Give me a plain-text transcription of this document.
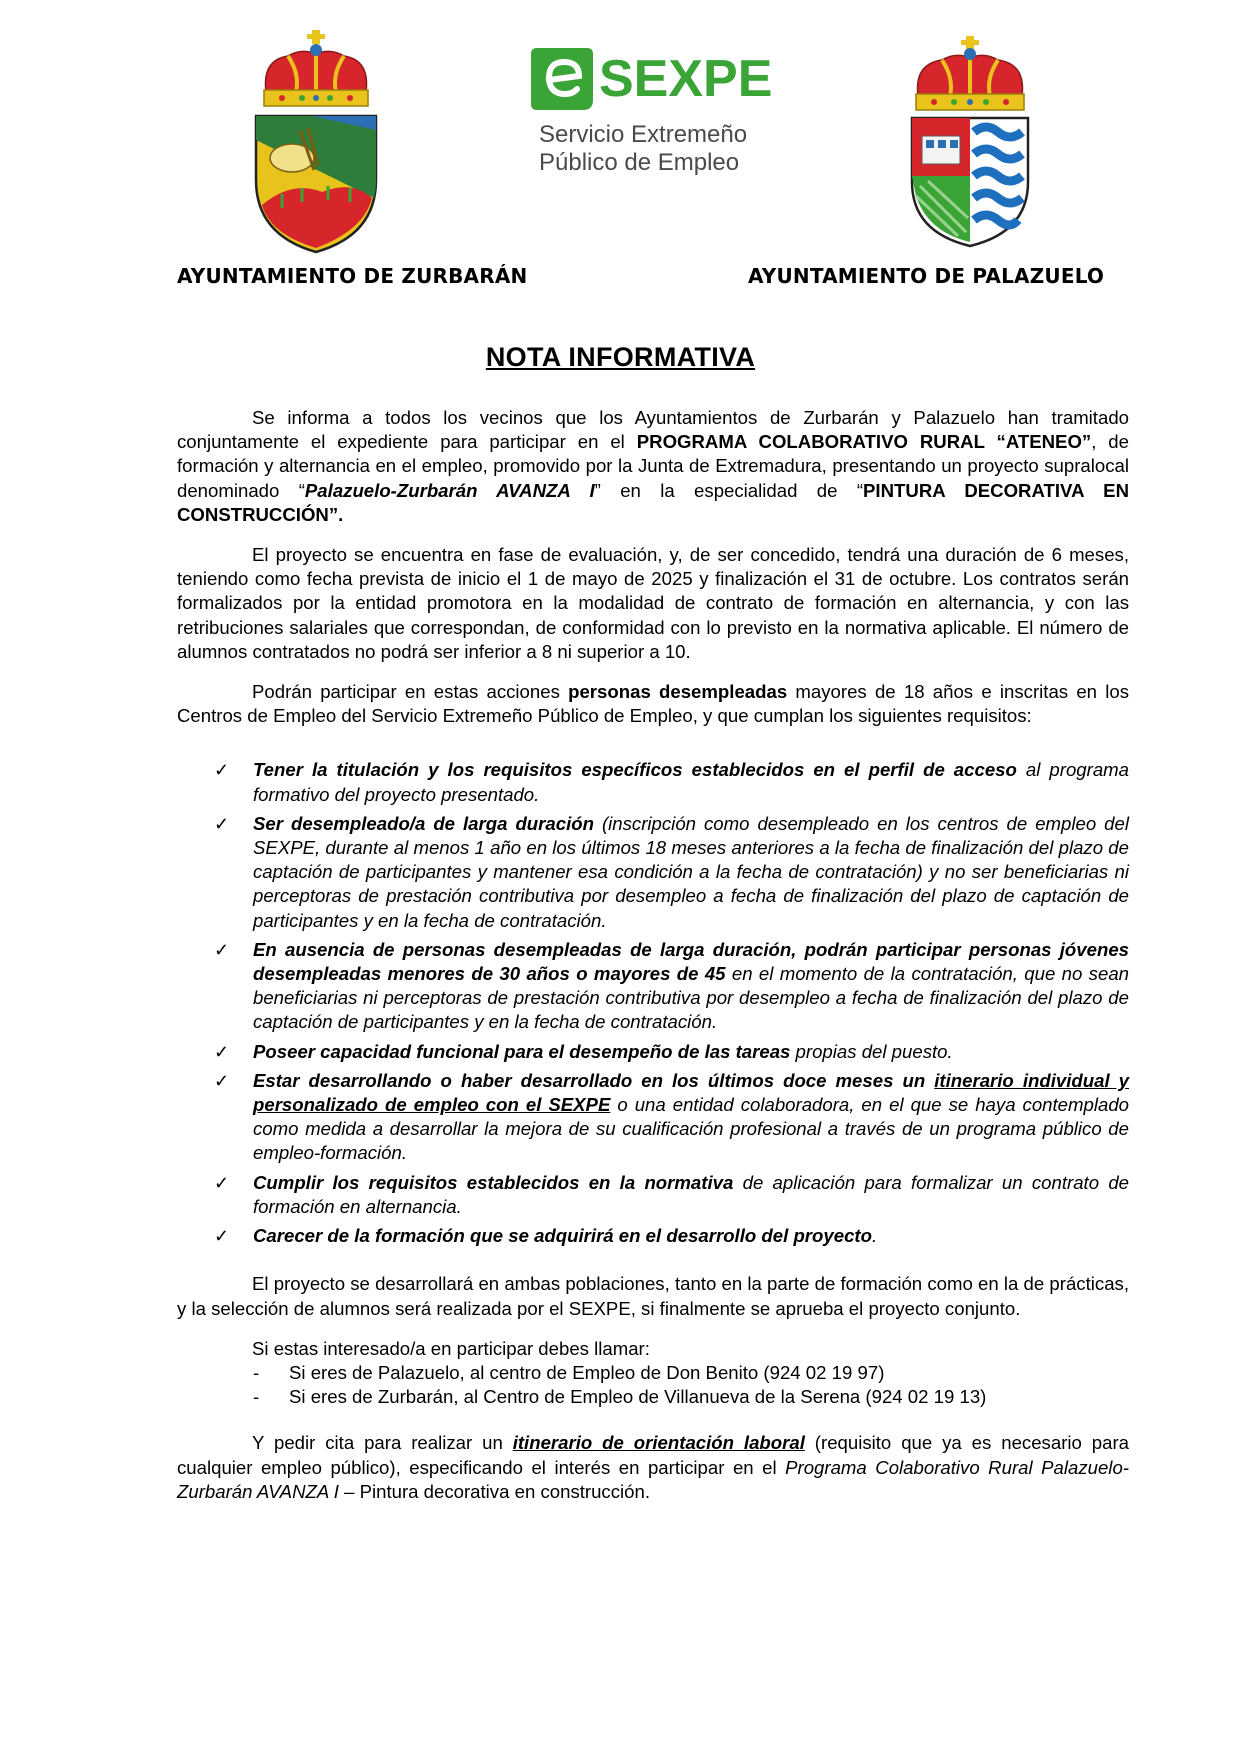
SEXPE
Servicio Extremeño
Público de Empleo
AYUNTAMIENTO DE ZURBARÁN	AYUNTAMIENTO DE PALAZUELO
NOTA INFORMATIVA

Se informa a todos los vecinos que los Ayuntamientos de Zurbarán y Palazuelo han tramitado conjuntamente el expediente para participar en el PROGRAMA COLABORATIVO RURAL “ATENEO”, de formación y alternancia en el empleo, promovido por la Junta de Extremadura, presentando un proyecto supralocal denominado “Palazuelo-Zurbarán AVANZA I” en la especialidad de “PINTURA DECORATIVA EN CONSTRUCCIÓN”.

El proyecto se encuentra en fase de evaluación, y, de ser concedido, tendrá una duración de 6 meses, teniendo como fecha prevista de inicio el 1 de mayo de 2025 y finalización el 31 de octubre. Los contratos serán formalizados por la entidad promotora en la modalidad de contrato de formación en alternancia, y con las retribuciones salariales que correspondan, de conformidad con lo previsto en la normativa aplicable. El número de alumnos contratados no podrá ser inferior a 8 ni superior a 10.

Podrán participar en estas acciones personas desempleadas mayores de 18 años e inscritas en los Centros de Empleo del Servicio Extremeño Público de Empleo, y que cumplan los siguientes requisitos:

✓ Tener la titulación y los requisitos específicos establecidos en el perfil de acceso al programa formativo del proyecto presentado.
✓ Ser desempleado/a de larga duración (inscripción como desempleado en los centros de empleo del SEXPE, durante al menos 1 año en los últimos 18 meses anteriores a la fecha de finalización del plazo de captación de participantes y mantener esa condición a la fecha de contratación) y no ser beneficiarias ni perceptoras de prestación contributiva por desempleo a fecha de finalización del plazo de captación de participantes y en la fecha de contratación.
✓ En ausencia de personas desempleadas de larga duración, podrán participar personas jóvenes desempleadas menores de 30 años o mayores de 45 en el momento de la contratación, que no sean beneficiarias ni perceptoras de prestación contributiva por desempleo a fecha de finalización del plazo de captación de participantes y en la fecha de contratación.
✓ Poseer capacidad funcional para el desempeño de las tareas propias del puesto.
✓ Estar desarrollando o haber desarrollado en los últimos doce meses un itinerario individual y personalizado de empleo con el SEXPE o una entidad colaboradora, en el que se haya contemplado como medida a desarrollar la mejora de su cualificación profesional a través de un programa público de empleo-formación.
✓ Cumplir los requisitos establecidos en la normativa de aplicación para formalizar un contrato de formación en alternancia.
✓ Carecer de la formación que se adquirirá en el desarrollo del proyecto.

El proyecto se desarrollará en ambas poblaciones, tanto en la parte de formación como en la de prácticas, y la selección de alumnos será realizada por el SEXPE, si finalmente se aprueba el proyecto conjunto.

Si estas interesado/a en participar debes llamar:

- Si eres de Palazuelo, al centro de Empleo de Don Benito (924 02 19 97)
- Si eres de Zurbarán, al Centro de Empleo de Villanueva de la Serena (924 02 19 13)

Y pedir cita para realizar un itinerario de orientación laboral (requisito que ya es necesario para cualquier empleo público), especificando el interés en participar en el Programa Colaborativo Rural Palazuelo-Zurbarán AVANZA I – Pintura decorativa en construcción.
